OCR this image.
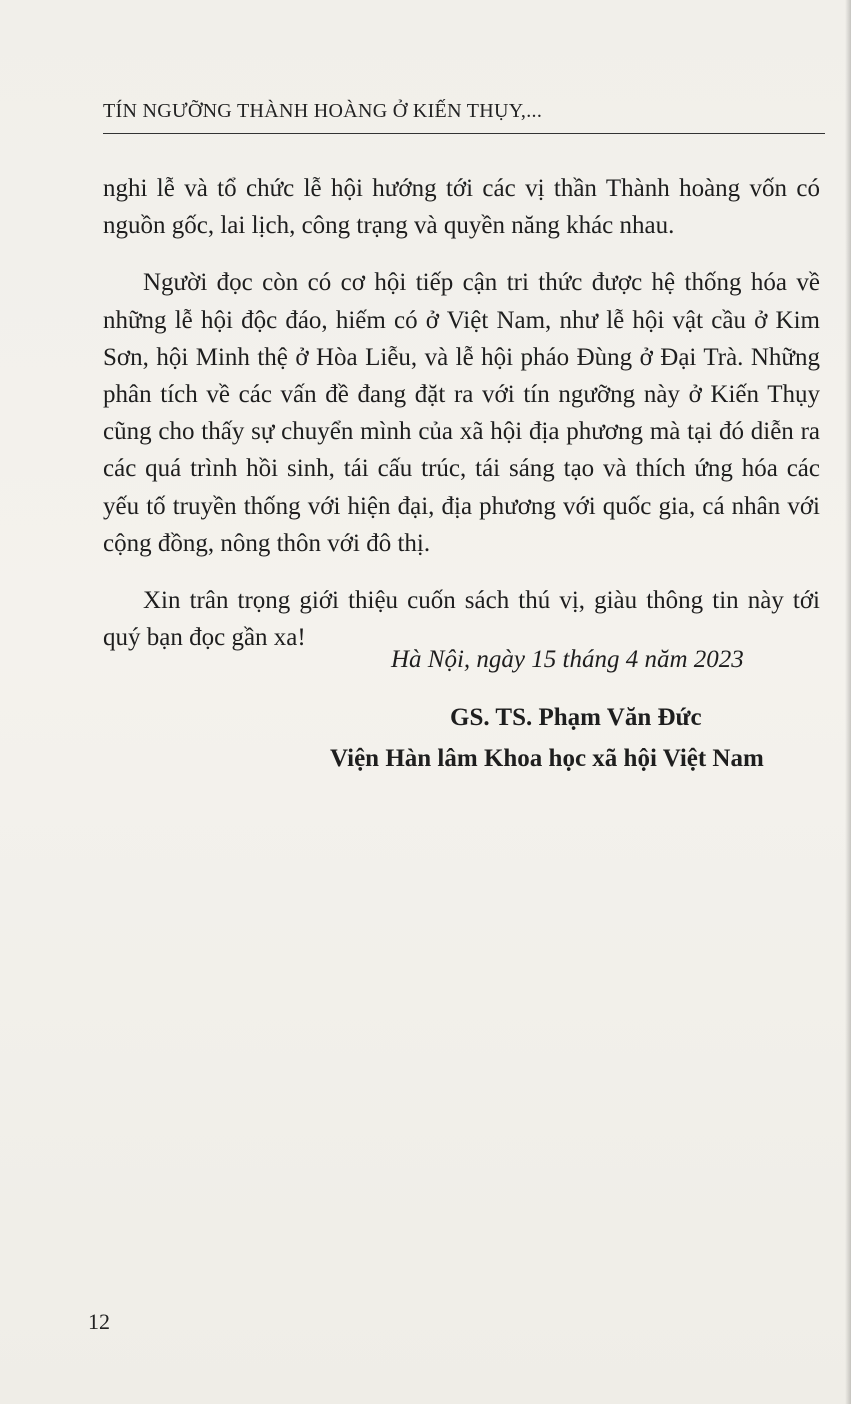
TÍN NGƯỠNG THÀNH HOÀNG Ở KIẾN THỤY,...

nghi lễ và tổ chức lễ hội hướng tới các vị thần Thành hoàng vốn có nguồn gốc, lai lịch, công trạng và quyền năng khác nhau.

Người đọc còn có cơ hội tiếp cận tri thức được hệ thống hóa về những lễ hội độc đáo, hiếm có ở Việt Nam, như lễ hội vật cầu ở Kim Sơn, hội Minh thệ ở Hòa Liễu, và lễ hội pháo Đùng ở Đại Trà. Những phân tích về các vấn đề đang đặt ra với tín ngưỡng này ở Kiến Thụy cũng cho thấy sự chuyển mình của xã hội địa phương mà tại đó diễn ra các quá trình hồi sinh, tái cấu trúc, tái sáng tạo và thích ứng hóa các yếu tố truyền thống với hiện đại, địa phương với quốc gia, cá nhân với cộng đồng, nông thôn với đô thị.

Xin trân trọng giới thiệu cuốn sách thú vị, giàu thông tin này tới quý bạn đọc gần xa!

Hà Nội, ngày 15 tháng 4 năm 2023
GS. TS. Phạm Văn Đức
Viện Hàn lâm Khoa học xã hội Việt Nam
12
